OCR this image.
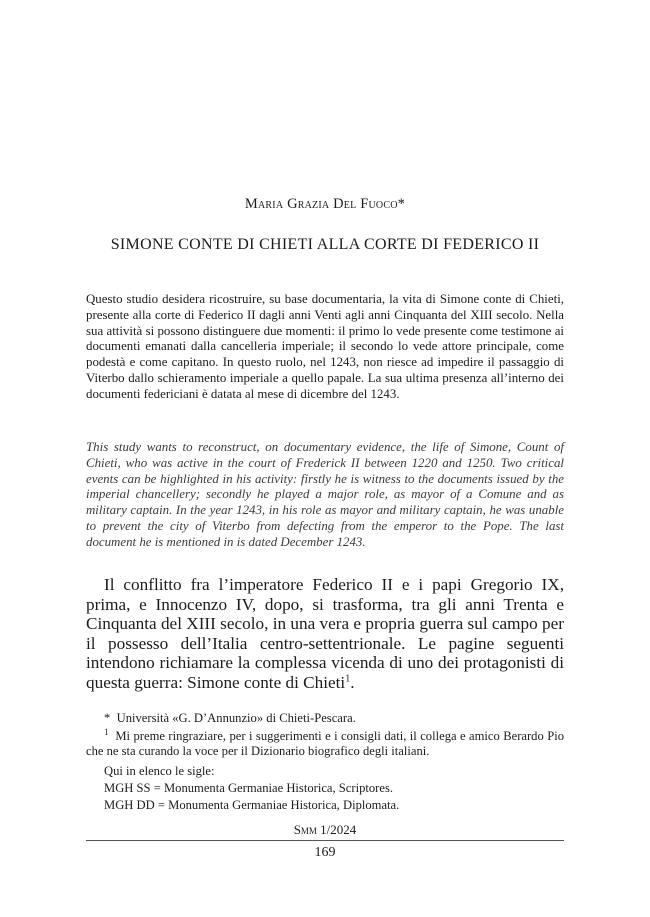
Maria Grazia Del Fuoco*
SIMONE CONTE DI CHIETI ALLA CORTE DI FEDERICO II

Questo studio desidera ricostruire, su base documentaria, la vita di Simone conte di Chieti, presente alla corte di Federico II dagli anni Venti agli anni Cinquanta del XIII secolo. Nella sua attività si possono distinguere due momenti: il primo lo vede presente come testimone ai documenti emanati dalla cancelleria imperiale; il secondo lo vede attore principale, come podestà e come capitano. In questo ruolo, nel 1243, non riesce ad impedire il passaggio di Viterbo dallo schieramento imperiale a quello papale. La sua ultima presenza all’interno dei documenti federiciani è datata al mese di dicembre del 1243.

This study wants to reconstruct, on documentary evidence, the life of Simone, Count of Chieti, who was active in the court of Frederick II between 1220 and 1250. Two critical events can be highlighted in his activity: firstly he is witness to the documents issued by the imperial chancellery; secondly he played a major role, as mayor of a Comune and as military captain. In the year 1243, in his role as mayor and military captain, he was unable to prevent the city of Viterbo from defecting from the emperor to the Pope. The last document he is mentioned in is dated December 1243.

Il conflitto fra l’imperatore Federico II e i papi Gregorio IX, prima, e Innocenzo IV, dopo, si trasforma, tra gli anni Trenta e Cinquanta del XIII secolo, in una vera e propria guerra sul campo per il possesso dell’Italia centro-settentrionale. Le pagine seguenti intendono richiamare la complessa vicenda di uno dei protagonisti di questa guerra: Simone conte di Chieti$^1$.

* Università «G. D’Annunzio» di Chieti-Pescara.

$^1$ Mi preme ringraziare, per i suggerimenti e i consigli dati, il collega e amico Berardo Pio che ne sta curando la voce per il Dizionario biografico degli italiani.

Qui in elenco le sigle:

MGH SS = Monumenta Germaniae Historica, Scriptores.

MGH DD = Monumenta Germaniae Historica, Diplomata.

Smm 1/2024
169
